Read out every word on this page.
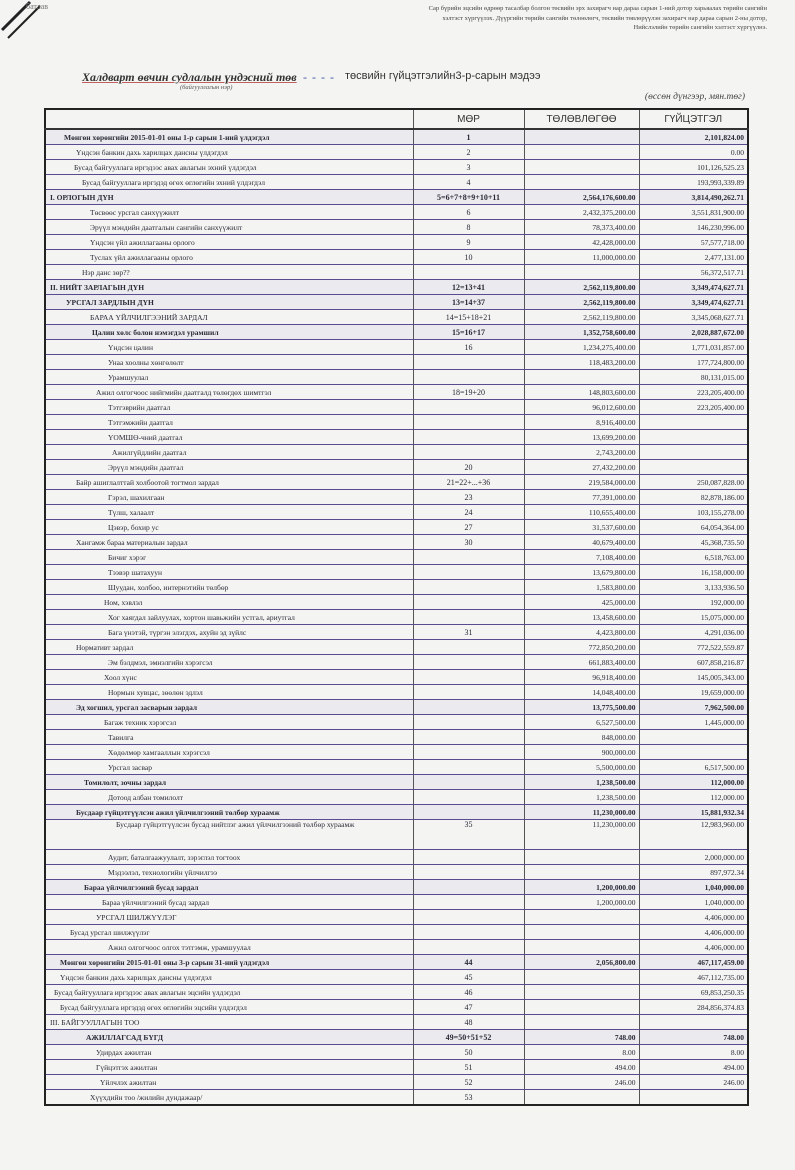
батлав	Сар бүрийн эцсийн өдрөөр тасалбар болгон төсвийн эрх захирагч нар дараа сарын 1-ний дотор харьяалах төрийн сангийн хэлтэст хүргүүлэх. Дүүргийн төрийн сангийн төлөөлөгч, төсвийн төвлөрүүлэн захирагч нар дараа сарын 2-ны дотор, Нийслэлийн төрийн сангийн хэлтэст хүргүүлнэ.
Халдварт өвчин судлалын үндэсний төв - - - -
(байгууллагын нэр)
төсвийн гүйцэтгэлийн3-р-сарын мэдээ
(өссөн дүнгээр, мян.төг)
	МӨР	ТӨЛӨВЛӨГӨӨ	ГҮЙЦЭТГЭЛ
Мөнгөн хөрөнгийн 2015-01-01 оны 1-р сарын 1-ний үлдэгдэл	1		2,101,824.00
Үндсэн банкин дахь харилцах дансны үлдэгдэл	2		0.00
Бусад байгууллага иргэдээс авах авлагын эхний үлдэгдэл	3		101,126,525.23
Бусад байгууллага иргэдэд өгөх өглөгийн эхний үлдэгдэл	4		193,993,339.89
I. ОРЛОГЫН ДҮН	5=6+7+8+9+10+11	2,564,176,600.00	3,814,490,262.71
Төсвөөс урсгал санхүүжилт	6	2,432,375,200.00	3,551,831,900.00
Эрүүл мэндийн даатгалын сангийн санхүүжилт	8	78,373,400.00	146,230,996.00
Үндсэн үйл ажиллагааны орлого	9	42,428,000.00	57,577,718.00
Туслах үйл ажиллагааны орлого	10	11,000,000.00	2,477,131.00
Нэр данс зөр??			56,372,517.71
II. НИЙТ ЗАРЛАГЫН ДҮН	12=13+41	2,562,119,800.00	3,349,474,627.71
УРСГАЛ ЗАРДЛЫН ДҮН	13=14+37	2,562,119,800.00	3,349,474,627.71
БАРАА ҮЙЛЧИЛГЭЭНИЙ ЗАРДАЛ	14=15+18+21	2,562,119,800.00	3,345,068,627.71
Цалин хөлс болон нэмэгдэл урамшил	15=16+17	1,352,758,600.00	2,028,887,672.00
Үндсэн цалин	16	1,234,275,400.00	1,771,031,857.00
Унаа хоолны хөнгөлөлт		118,483,200.00	177,724,800.00
Урамшуулал			80,131,015.00
Ажил олгогчоос нийгмийн даатгалд төлөгдөх шимтгэл	18=19+20	148,803,600.00	223,205,400.00
Тэтгэврийн даатгал		96,012,600.00	223,205,400.00
Тэтгэмжийн даатгал		8,916,400.00	
ҮОМШӨ-чний даатгал		13,699,200.00	
Ажилгүйдлийн даатгал		2,743,200.00	
Эрүүл мэндийн даатгал	20	27,432,200.00	
Байр ашиглалттай холбоотой тогтмол зардал	21=22+...+36	219,584,000.00	250,087,828.00
Гэрэл, шахилгаан	23	77,391,000.00	82,878,186.00
Түлш, халаалт	24	110,655,400.00	103,155,278.00
Цэвэр, бохир ус	27	31,537,600.00	64,054,364.00
Хангамж бараа материалын зардал	30	40,679,400.00	45,368,735.50
Бичиг хэрэг		7,108,400.00	6,518,763.00
Тээвэр шатахуун		13,679,800.00	16,158,000.00
Шуудан, холбоо, интернэтийн төлбөр		1,583,800.00	3,133,936.50
Ном, хэвлэл		425,000.00	192,000.00
Хог хаягдал зайлуулах, хортон шавьжийн устгал, ариутгал		13,458,600.00	15,075,000.00
Бага үнэтэй, түргэн элэгдэх, ахуйн эд зүйлс	31	4,423,800.00	4,291,036.00
Нормативт зардал		772,850,200.00	772,522,559.87
Эм бэлдмэл, эмнэлгийн хэрэгсэл		661,883,400.00	607,858,216.87
Хоол хүнс		96,918,400.00	145,005,343.00
Нормын хувцас, зөөлөн эдлэл		14,048,400.00	19,659,000.00
Эд хогшил, урсгал засварын зардал		13,775,500.00	7,962,500.00
Багаж техник хэрэгсэл		6,527,500.00	1,445,000.00
Тавилга		848,000.00	
Хөдөлмөр хамгааллын хэрэгсэл		900,000.00	
Урсгал засвар		5,500,000.00	6,517,500.00
Томилолт, зочны зардал		1,238,500.00	112,000.00
Дотоод албан томилолт		1,238,500.00	112,000.00
Бусдаар гүйцэтгүүлсэн ажил үйлчилгээний төлбөр хураамж		11,230,000.00	15,881,932.34
Бусдаар гүйцэтгүүлсэн бусад нийтлэг ажил үйлчилгээний төлбөр хураамж	35	11,230,000.00	12,983,960.00
Аудит, баталгаажуулалт, зэрэглэл тогтоох			2,000,000.00
Мэдээлэл, технологийн үйлчилгээ			897,972.34
Бараа үйлчилгээний бусад зардал		1,200,000.00	1,040,000.00
Бараа үйлчилгээний бусад зардал		1,200,000.00	1,040,000.00
УРСГАЛ ШИЛЖҮҮЛЭГ			4,406,000.00
Бусад урсгал шилжүүлэг			4,406,000.00
Ажил олгогчоос олгох тэтгэмж, урамшуулал			4,406,000.00
Мөнгөн хөрөнгийн 2015-01-01 оны 3-р сарын 31-ний үлдэгдэл	44	2,056,800.00	467,117,459.00
Үндсэн банкин дахь харилцах дансны үлдэгдэл	45		467,112,735.00
Бусад байгууллага иргэдээс авах авлагын эцсийн үлдэгдэл	46		69,853,250.35
Бусад байгууллага иргэдэд өгөх өглөгийн эцсийн үлдэгдэл	47		284,856,374.83
III. БАЙГУУЛЛАГЫН ТОО	48		
АЖИЛЛАГСАД БҮГД	49=50+51+52	748.00	748.00
Удирдах ажилтан	50	8.00	8.00
Гүйцэтгэх ажилтан	51	494.00	494.00
Үйлчлэх ажилтан	52	246.00	246.00
Хүүхдийн тоо /жилийн дундажаар/	53		
